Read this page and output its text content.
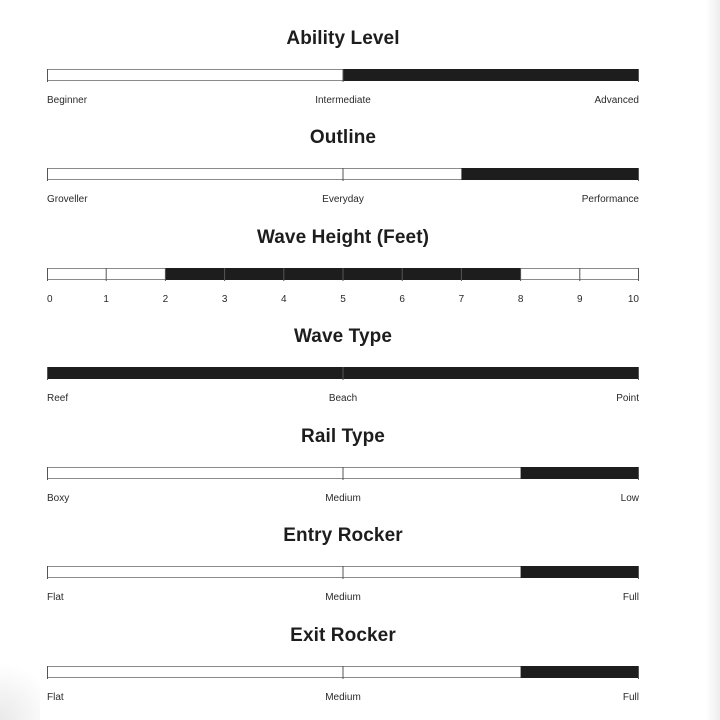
Ability Level
Beginner	Intermediate	Advanced
Outline
Groveller	Everyday	Performance
Wave Height (Feet)
0	1	2	3	4	5	6	7	8	9	10
Wave Type
Reef	Beach	Point
Rail Type
Boxy	Medium	Low
Entry Rocker
Flat	Medium	Full
Exit Rocker
Flat	Medium	Full
